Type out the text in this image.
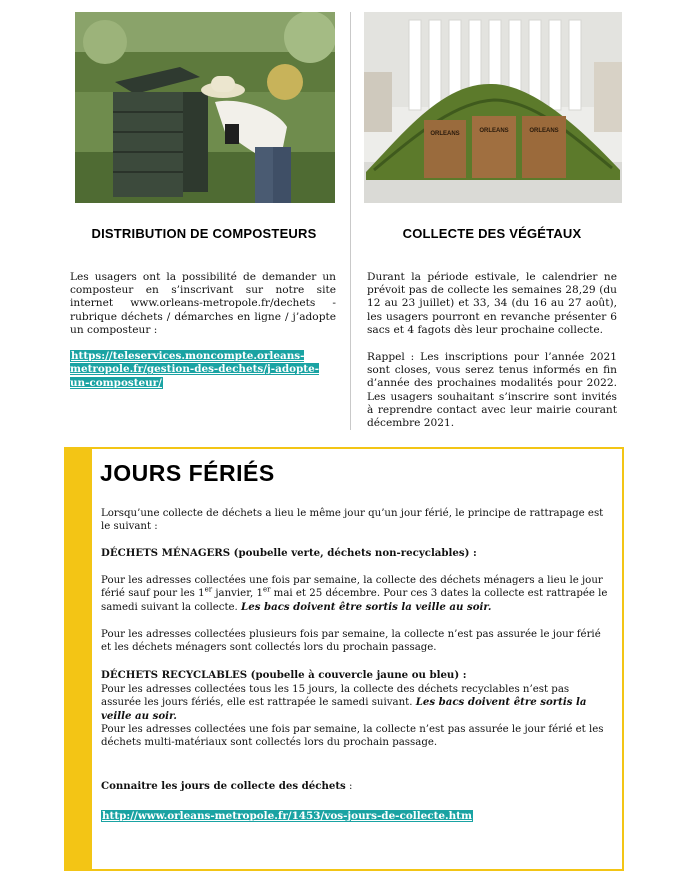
ORLEANS	ORLEANS	ORLEANS
DISTRIBUTION DE COMPOSTEURS	COLLECTE DES VÉGÉTAUX

Les usagers ont la possibilité de demander un composteur en s’inscrivant sur notre site internet www.orleans-metropole.fr/dechets - rubrique déchets / démarches en ligne / j’adopte un composteur :

https://teleservices.moncompte.orleans-metropole.fr/gestion-des-dechets/j-adopte-un-composteur/

Durant la période estivale, le calendrier ne prévoit pas de collecte les semaines 28,29 (du 12 au 23 juillet) et 33, 34 (du 16 au 27 août), les usagers pourront en revanche présenter 6 sacs et 4 fagots dès leur prochaine collecte.

Rappel : Les inscriptions pour l’année 2021 sont closes, vous serez tenus informés en fin d’année des prochaines modalités pour 2022. Les usagers souhaitant s’inscrire sont invités à reprendre contact avec leur mairie courant décembre 2021.

JOURS FÉRIÉS

Lorsqu’une collecte de déchets a lieu le même jour qu’un jour férié, le principe de rattrapage est le suivant :

DÉCHETS MÉNAGERS (poubelle verte, déchets non-recyclables) :

Pour les adresses collectées une fois par semaine, la collecte des déchets ménagers a lieu le jour férié sauf pour les 1er janvier, 1er mai et 25 décembre. Pour ces 3 dates la collecte est rattrapée le samedi suivant la collecte. Les bacs doivent être sortis la veille au soir.

Pour les adresses collectées plusieurs fois par semaine, la collecte n’est pas assurée le jour férié et les déchets ménagers sont collectés lors du prochain passage.

DÉCHETS RECYCLABLES (poubelle à couvercle jaune ou bleu) :

Pour les adresses collectées tous les 15 jours, la collecte des déchets recyclables n’est pas assurée les jours fériés, elle est rattrapée le samedi suivant. Les bacs doivent être sortis la veille au soir.

Pour les adresses collectées une fois par semaine, la collecte n’est pas assurée le jour férié et les déchets multi-matériaux sont collectés lors du prochain passage.

Connaitre les jours de collecte des déchets :

http://www.orleans-metropole.fr/1453/vos-jours-de-collecte.htm
